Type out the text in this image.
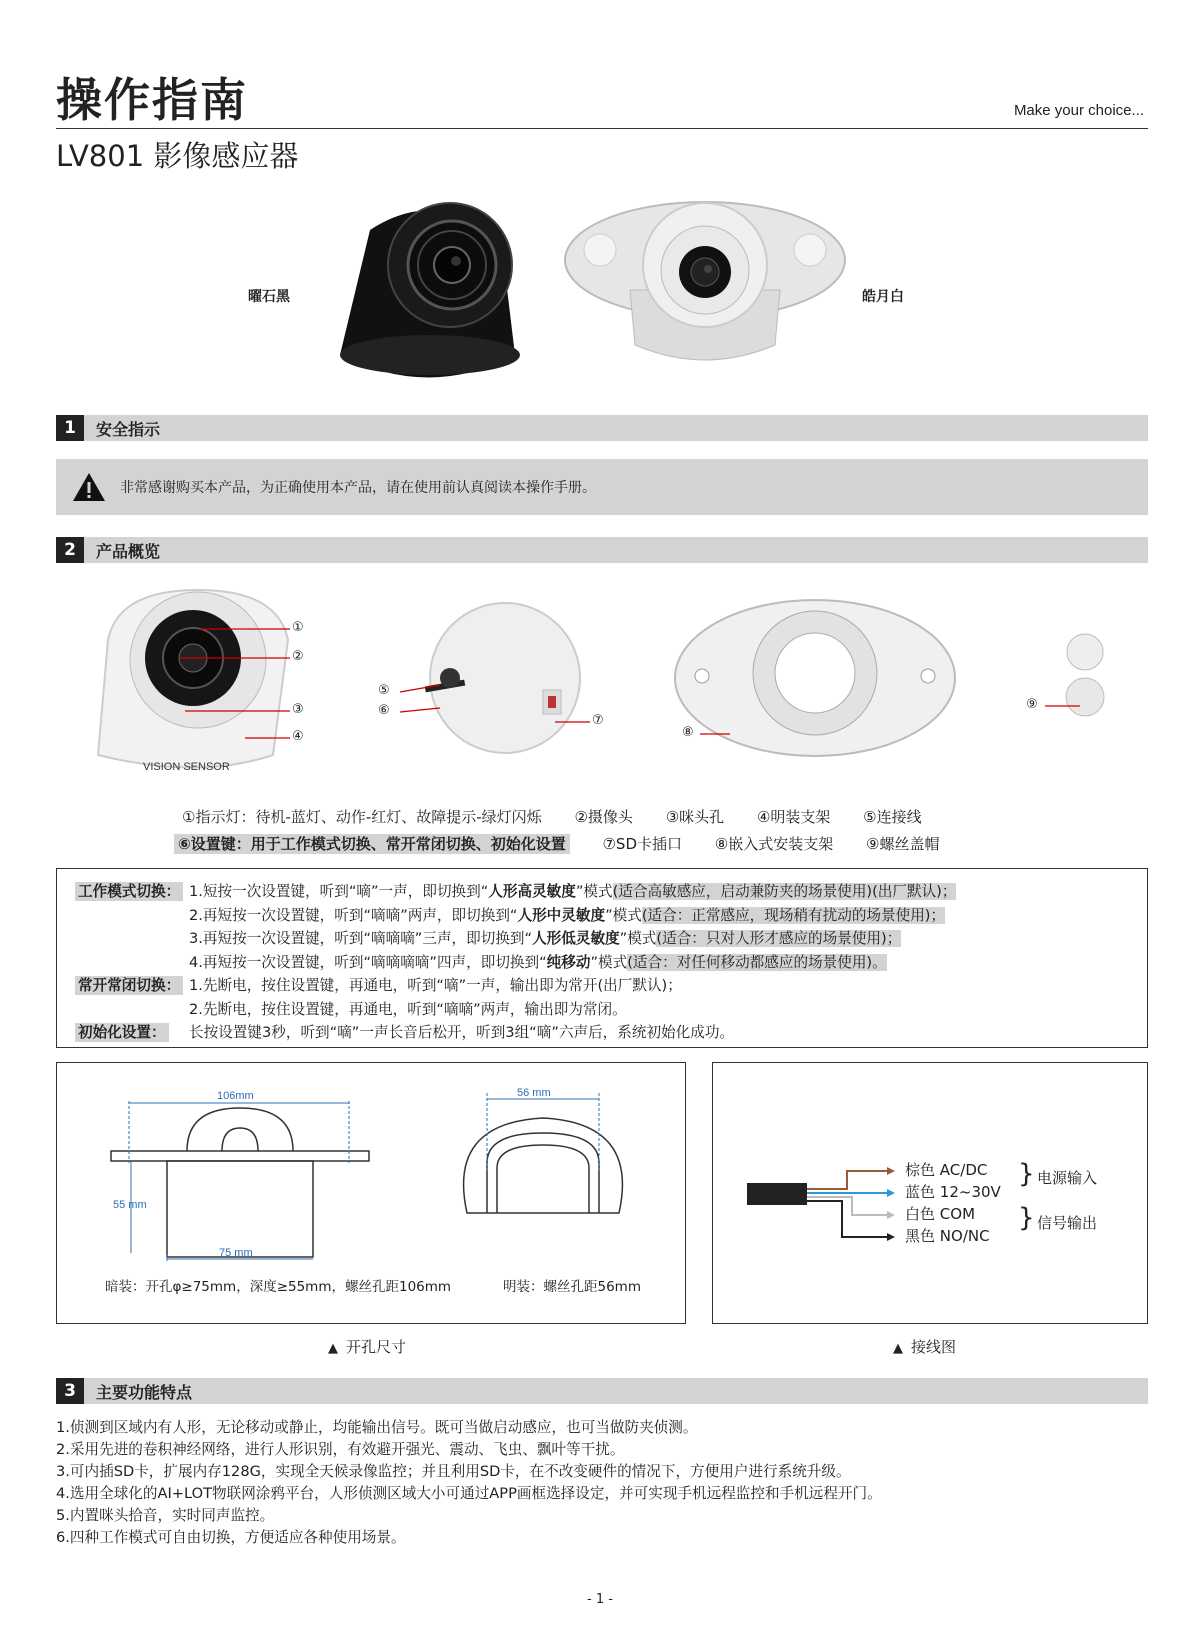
操作指南	Make your choice...
LV801 影像感应器
曜石黑	皓月白
1	安全指示
非常感谢购买本产品，为正确使用本产品，请在使用前认真阅读本操作手册。
2	产品概览
VISION SENSOR
①
②
③
④
⑤
⑥
⑦
⑧
⑨
①指示灯：待机-蓝灯、动作-红灯、故障提示-绿灯闪烁 ②摄像头 ③咪头孔 ④明装支架 ⑤连接线
⑥设置键：用于工作模式切换、常开常闭切换、初始化设置 ⑦SD卡插口 ⑧嵌入式安装支架 ⑨螺丝盖帽
工作模式切换： 1.短按一次设置键，听到“嘀”一声，即切换到“人形高灵敏度”模式(适合高敏感应，启动兼防夹的场景使用)(出厂默认)；
2.再短按一次设置键，听到“嘀嘀”两声，即切换到“人形中灵敏度”模式(适合：正常感应，现场稍有扰动的场景使用)；
3.再短按一次设置键，听到“嘀嘀嘀”三声，即切换到“人形低灵敏度”模式(适合：只对人形才感应的场景使用)；
4.再短按一次设置键，听到“嘀嘀嘀嘀”四声，即切换到“纯移动”模式(适合：对任何移动都感应的场景使用)。
常开常闭切换： 1.先断电，按住设置键，再通电，听到“嘀”一声，输出即为常开(出厂默认)；
2.先断电，按住设置键，再通电，听到“嘀嘀”两声，输出即为常闭。
初始化设置：	长按设置键3秒，听到“嘀”一声长音后松开，听到3组“嘀”六声后，系统初始化成功。
106mm
55 mm
75 mm
56 mm
暗装：开孔φ≥75mm，深度≥55mm，螺丝孔距106mm	明装：螺丝孔距56mm
▲ 开孔尺寸
棕色 AC/DC
蓝色 12~30V
白色 COM
黑色 NO/NC
}
}
电源输入
信号输出
▲ 接线图
3	主要功能特点
1.侦测到区域内有人形，无论移动或静止，均能输出信号。既可当做启动感应，也可当做防夹侦测。
2.采用先进的卷积神经网络，进行人形识别，有效避开强光、震动、飞虫、飘叶等干扰。
3.可内插SD卡，扩展内存128G，实现全天候录像监控；并且利用SD卡，在不改变硬件的情况下，方便用户进行系统升级。
4.选用全球化的AI+LOT物联网涂鸦平台，人形侦测区域大小可通过APP画框选择设定，并可实现手机远程监控和手机远程开门。
5.内置咪头拾音，实时同声监控。
6.四种工作模式可自由切换，方便适应各种使用场景。
- 1 -
